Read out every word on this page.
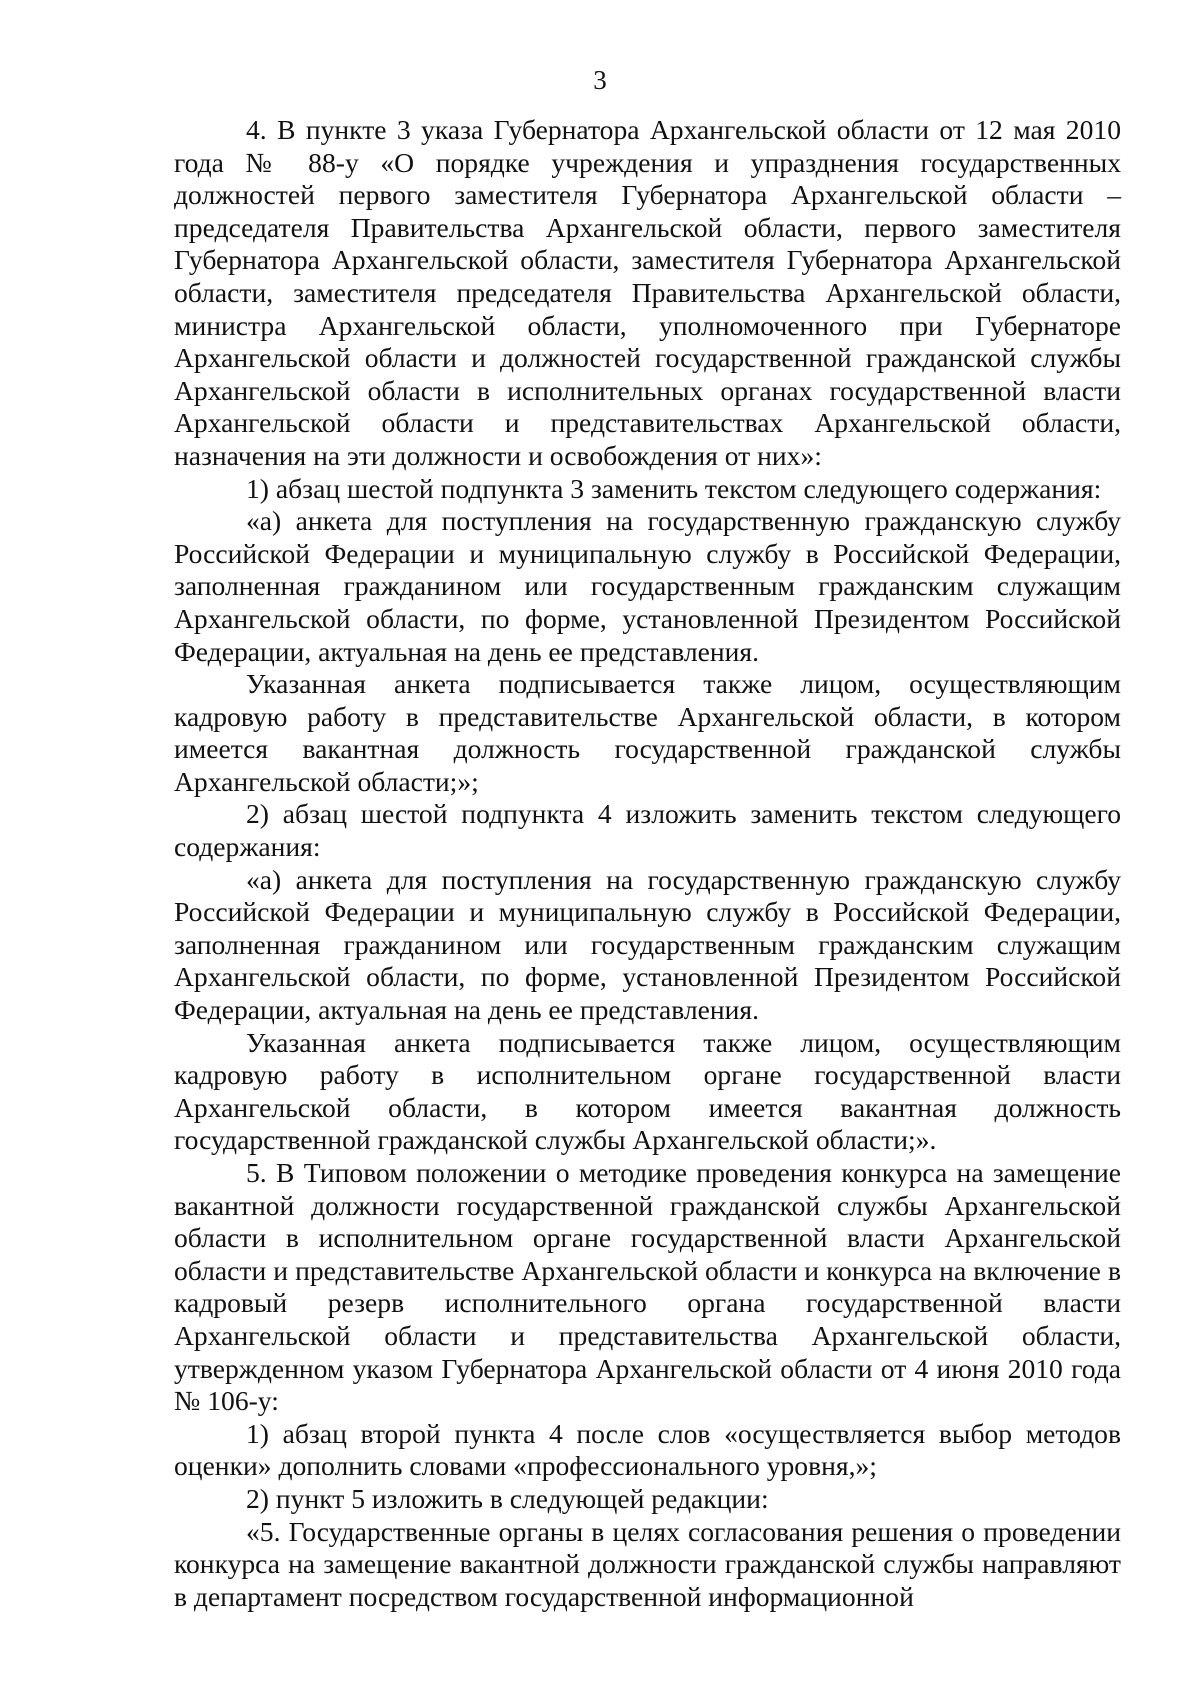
3

4. В пункте 3 указа Губернатора Архангельской области от 12 мая 2010 года № 88-у «О порядке учреждения и упразднения государственных должностей первого заместителя Губернатора Архангельской области – председателя Правительства Архангельской области, первого заместителя Губернатора Архангельской области, заместителя Губернатора Архангельской области, заместителя председателя Правительства Архангельской области, министра Архангельской области, уполномоченного при Губернаторе Архангельской области и должностей государственной гражданской службы Архангельской области в исполнительных органах государственной власти Архангельской области и представительствах Архангельской области, назначения на эти должности и освобождения от них»:

1) абзац шестой подпункта 3 заменить текстом следующего содержания:

«а) анкета для поступления на государственную гражданскую службу Российской Федерации и муниципальную службу в Российской Федерации, заполненная гражданином или государственным гражданским служащим Архангельской области, по форме, установленной Президентом Российской Федерации, актуальная на день ее представления.

Указанная анкета подписывается также лицом, осуществляющим кадровую работу в представительстве Архангельской области, в котором имеется вакантная должность государственной гражданской службы Архангельской области;»;

2) абзац шестой подпункта 4 изложить заменить текстом следующего содержания:

«а) анкета для поступления на государственную гражданскую службу Российской Федерации и муниципальную службу в Российской Федерации, заполненная гражданином или государственным гражданским служащим Архангельской области, по форме, установленной Президентом Российской Федерации, актуальная на день ее представления.

Указанная анкета подписывается также лицом, осуществляющим кадровую работу в исполнительном органе государственной власти Архангельской области, в котором имеется вакантная должность государственной гражданской службы Архангельской области;».

5. В Типовом положении о методике проведения конкурса на замещение вакантной должности государственной гражданской службы Архангельской области в исполнительном органе государственной власти Архангельской области и представительстве Архангельской области и конкурса на включение в кадровый резерв исполнительного органа государственной власти Архангельской области и представительства Архангельской области, утвержденном указом Губернатора Архангельской области от 4 июня 2010 года № 106-у:

1) абзац второй пункта 4 после слов «осуществляется выбор методов оценки» дополнить словами «профессионального уровня,»;

2) пункт 5 изложить в следующей редакции:

«5. Государственные органы в целях согласования решения о проведении конкурса на замещение вакантной должности гражданской службы направляют в департамент посредством государственной информационной
